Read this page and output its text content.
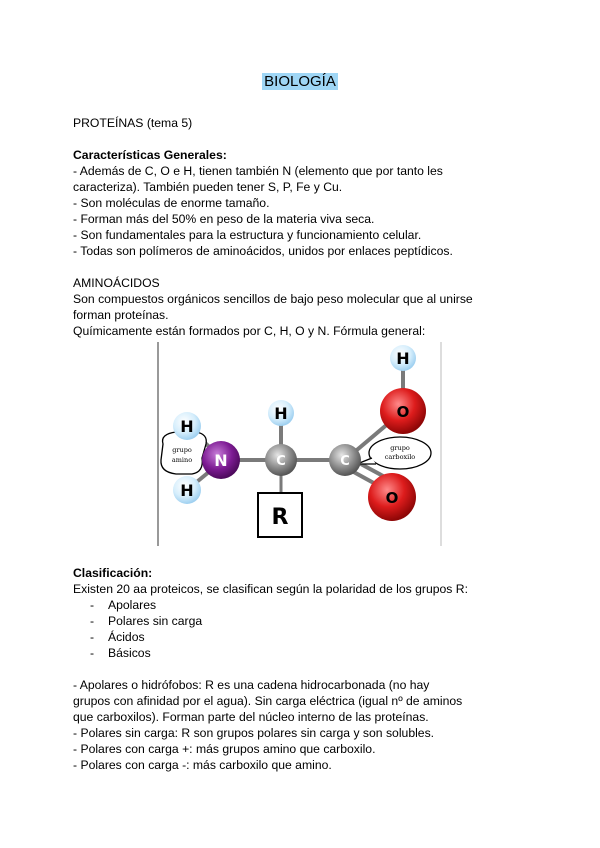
BIOLOGÍA
PROTEÍNAS (tema 5)
Características Generales:
- Además de C, O e H, tienen también N (elemento que por tanto les
caracteriza). También pueden tener S, P, Fe y Cu.
- Son moléculas de enorme tamaño.
- Forman más del 50% en peso de la materia viva seca.
- Son fundamentales para la estructura y funcionamiento celular.
- Todas son polímeros de aminoácidos, unidos por enlaces peptídicos.
AMINOÁCIDOS
Son compuestos orgánicos sencillos de bajo peso molecular que al unirse
forman proteínas.
Químicamente están formados por C, H, O y N. Fórmula general:
grupo
amino
grupo
carboxilo
H
H
N
H
C
R
C
H
O
O
Clasificación:
Existen 20 aa proteicos, se clasifican según la polaridad de los grupos R:
-	Apolares
-	Polares sin carga
-	Ácidos
-	Básicos
- Apolares o hidrófobos: R es una cadena hidrocarbonada (no hay
grupos con afinidad por el agua). Sin carga eléctrica (igual nº de aminos
que carboxilos). Forman parte del núcleo interno de las proteínas.
- Polares sin carga: R son grupos polares sin carga y son solubles.
- Polares con carga +: más grupos amino que carboxilo.
- Polares con carga -: más carboxilo que amino.
